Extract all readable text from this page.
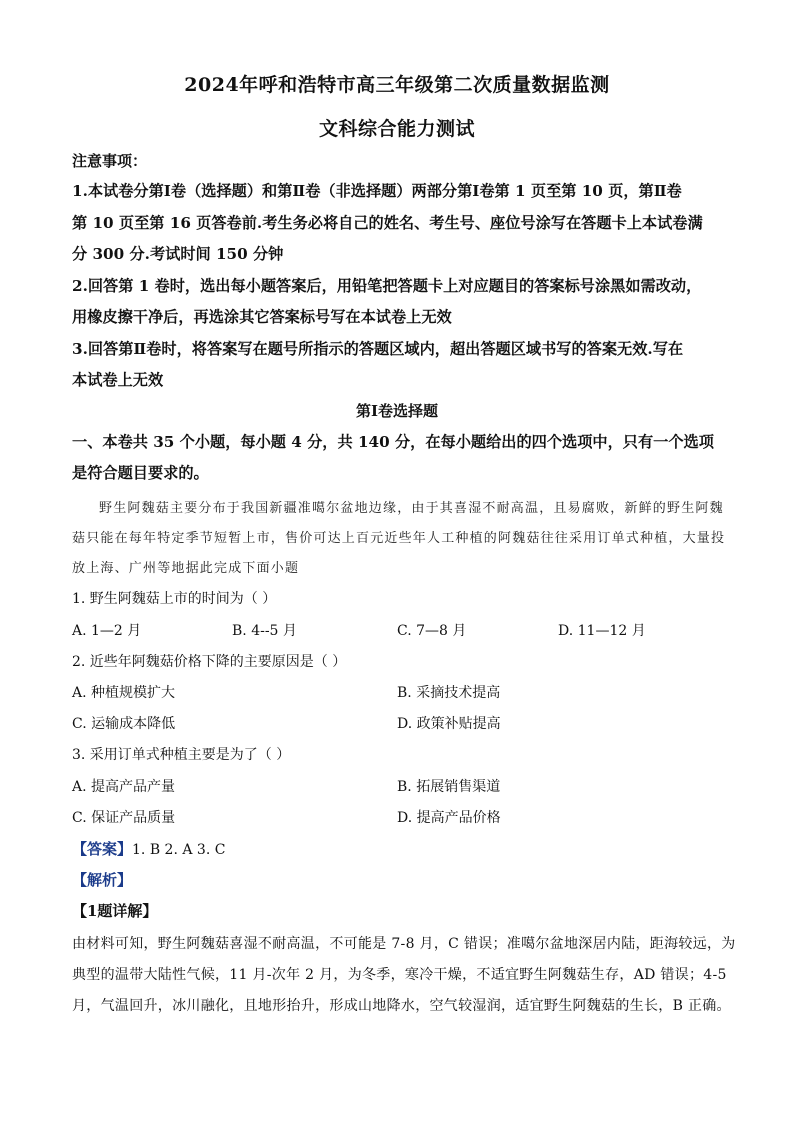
2024年呼和浩特市高三年级第二次质量数据监测
文科综合能力测试
注意事项：
1.本试卷分第Ⅰ卷（选择题）和第Ⅱ卷（非选择题）两部分第Ⅰ卷第 1 页至第 10 页，第Ⅱ卷
第 10 页至第 16 页答卷前.考生务必将自己的姓名、考生号、座位号涂写在答题卡上本试卷满
分 300 分.考试时间 150 分钟
2.回答第 1 卷时，选出每小题答案后，用铅笔把答题卡上对应题目的答案标号涂黑如需改动，
用橡皮擦干净后，再选涂其它答案标号写在本试卷上无效
3.回答第Ⅱ卷时，将答案写在题号所指示的答题区域内，超出答题区域书写的答案无效.写在
本试卷上无效
第Ⅰ卷选择题
一、本卷共 35 个小题，每小题 4 分，共 140 分，在每小题给出的四个选项中，只有一个选项
是符合题目要求的。
野生阿魏菇主要分布于我国新疆准噶尔盆地边缘，由于其喜湿不耐高温，且易腐败，新鲜的野生阿魏
菇只能在每年特定季节短暂上市，售价可达上百元近些年人工种植的阿魏菇往往采用订单式种植，大量投
放上海、广州等地据此完成下面小题
1. 野生阿魏菇上市的时间为（ ）
A. 1—2 月	B. 4--5 月	C. 7—8 月	D. 11—12 月
2. 近些年阿魏菇价格下降的主要原因是（ ）
A. 种植规模扩大	B. 采摘技术提高
C. 运输成本降低	D. 政策补贴提高
3. 采用订单式种植主要是为了（ ）
A. 提高产品产量	B. 拓展销售渠道
C. 保证产品质量	D. 提高产品价格
【答案】1. B 2. A 3. C
【解析】
【1题详解】
由材料可知，野生阿魏菇喜湿不耐高温，不可能是 7-8 月，C 错误；准噶尔盆地深居内陆，距海较远，为
典型的温带大陆性气候，11 月-次年 2 月，为冬季，寒冷干燥，不适宜野生阿魏菇生存，AD 错误；4-5
月，气温回升，冰川融化，且地形抬升，形成山地降水，空气较湿润，适宜野生阿魏菇的生长，B 正确。
